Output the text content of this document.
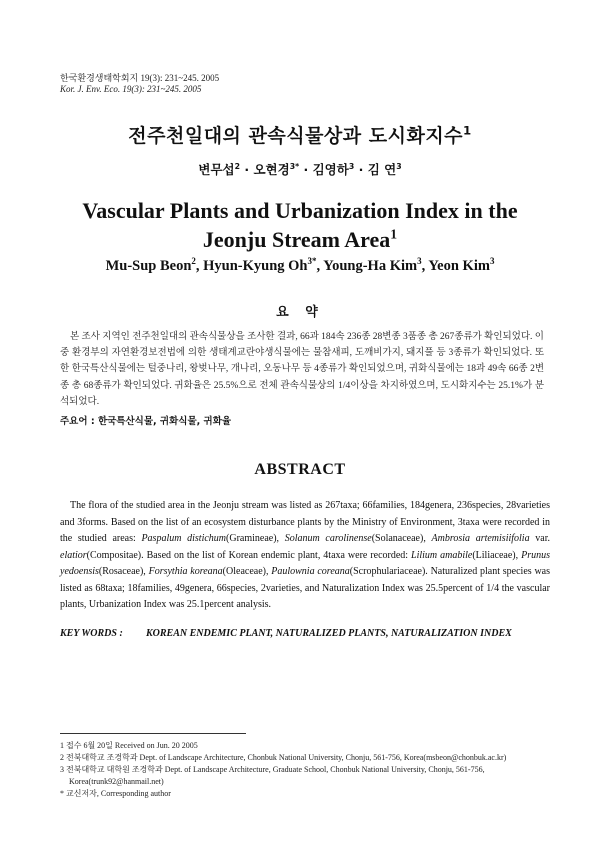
한국환경생태학회지 19(3): 231~245. 2005
Kor. J. Env. Eco. 19(3): 231~245. 2005
전주천일대의 관속식물상과 도시화지수$^1$
변무섭$^2$ · 오현경$^{3*}$ · 김영하$^3$ · 김 연$^3$
Vascular Plants and Urbanization Index in the
Jeonju Stream Area$^1$
Mu-Sup Beon$^2$, Hyun-Kyung $Oh^{3*}$, Young-Ha Kim$^3$, Yeon Kim$^3$
요 약
본 조사 지역인 전주천일대의 관속식물상을 조사한 결과, 66과 184속 236종 28변종 3품종 총 267종류가 확인되었다. 이중 환경부의 자연환경보전법에 의한 생태계교란야생식물에는 물참새피, 도깨비가지, 돼지풀 등 3종류가 확인되었다. 또한 한국특산식물에는 털중나리, 왕벚나무, 개나리, 오동나무 등 4종류가 확인되었으며, 귀화식물에는 18과 49속 66종 2변종 총 68종류가 확인되었다. 귀화율은 25.5%으로 전체 관속식물상의 1/4이상을 차지하였으며, 도시화지수는 25.1%가 분석되었다.
주요어 : 한국특산식물, 귀화식물, 귀화율
ABSTRACT
The flora of the studied area in the Jeonju stream was listed as 267taxa; 66families, 184genera, 236species, 28varieties and 3forms. Based on the list of an ecosystem disturbance plants by the Ministry of Environment, 3taxa were recorded in the studied areas: Paspalum distichum(Gramineae), Solanum carolinense(Solanaceae), Ambrosia artemisiifolia var. elatior(Compositae). Based on the list of Korean endemic plant, 4taxa were recorded: Lilium amabile(Liliaceae), Prunus yedoensis(Rosaceae), Forsythia koreana(Oleaceae), Paulownia coreana(Scrophulariaceae). Naturalized plant species was listed as 68taxa; 18families, 49genera, 66species, 2varieties, and Naturalization Index was 25.5percent of 1/4 the vascular plants, Urbanization Index was 25.1percent analysis.
KEY WORDS : KOREAN ENDEMIC PLANT, NATURALIZED PLANTS, NATURALIZATION INDEX
1 접수 6월 20일 Received on Jun. 20 2005
2 전북대학교 조경학과 Dept. of Landscape Architecture, Chonbuk National University, Chonju, 561-756, Korea(msbeon@chonbuk.ac.kr)
3 전북대학교 대학원 조경학과 Dept. of Landscape Architecture, Graduate School, Chonbuk National University, Chonju, 561-756, Korea(trunk92@hanmail.net)
* 교신저자, Corresponding author
